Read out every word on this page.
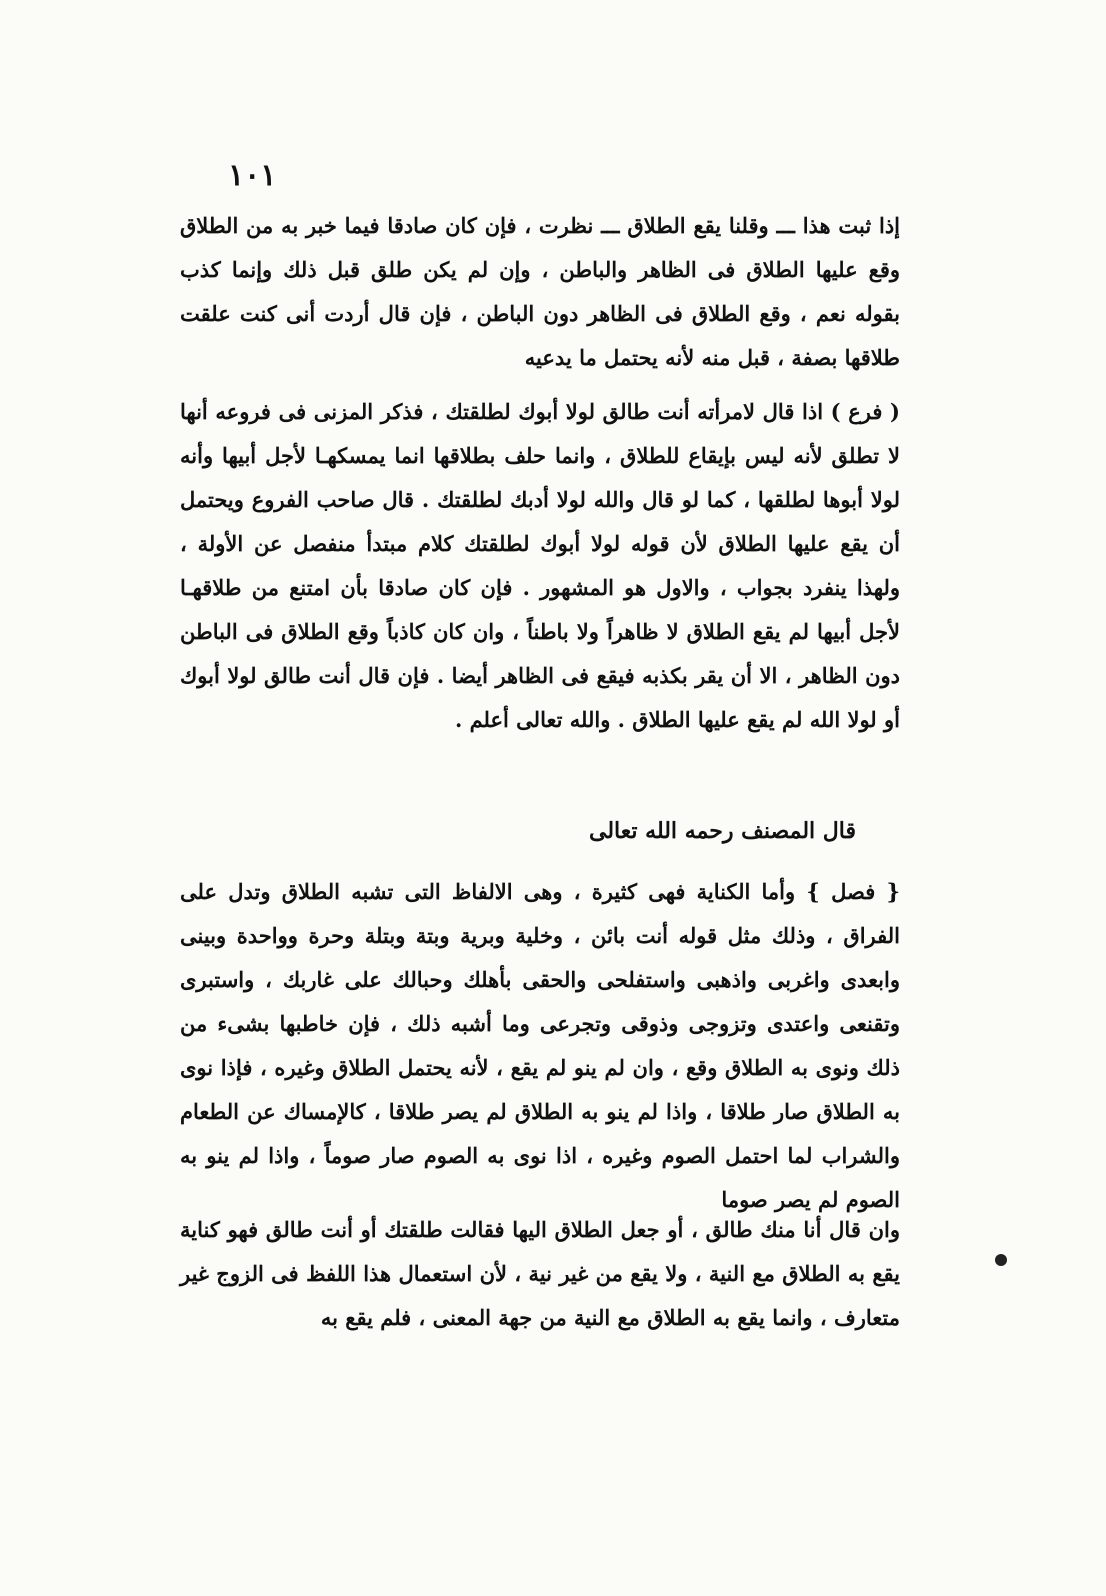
١٠١

إذا ثبت هذا ـــ وقلنا يقع الطلاق ـــ نظرت ، فإن كان صادقا فيما خبر به من الطلاق وقع عليها الطلاق فى الظاهر والباطن ، وإن لم يكن طلق قبل ذلك وإنما كذب بقوله نعم ، وقع الطلاق فى الظاهر دون الباطن ، فإن قال أردت أنى كنت علقت طلاقها بصفة ، قبل منه لأنه يحتمل ما يدعيه

( فرع ) اذا قال لامرأته أنت طالق لولا أبوك لطلقتك ، فذكر المزنى فى فروعه أنها لا تطلق لأنه ليس بإيقاع للطلاق ، وانما حلف بطلاقها انما يمسكهـا لأجل أبيها وأنه لولا أبوها لطلقها ، كما لو قال والله لولا أدبك لطلقتك . قال صاحب الفروع ويحتمل أن يقع عليها الطلاق لأن قوله لولا أبوك لطلقتك كلام مبتدأ منفصل عن الأولة ، ولهذا ينفرد بجواب ، والاول هو المشهور . فإن كان صادقا بأن امتنع من طلاقهـا لأجل أبيها لم يقع الطلاق لا ظاهراً ولا باطناً ، وان كان كاذباً وقع الطلاق فى الباطن دون الظاهر ، الا أن يقر بكذبه فيقع فى الظاهر أيضا . فإن قال أنت طالق لولا أبوك أو لولا الله لم يقع عليها الطلاق . والله تعالى أعلم .

قال المصنف رحمه الله تعالى

{ فصل } وأما الكناية فهى كثيرة ، وهى الالفاظ التى تشبه الطلاق وتدل على الفراق ، وذلك مثل قوله أنت بائن ، وخلية وبرية وبتة وبتلة وحرة وواحدة وبينى وابعدى واغربى واذهبى واستفلحى والحقى بأهلك وحبالك على غاربك ، واستبرى وتقنعى واعتدى وتزوجى وذوقى وتجرعى وما أشبه ذلك ، فإن خاطبها بشىء من ذلك ونوى به الطلاق وقع ، وان لم ينو لم يقع ، لأنه يحتمل الطلاق وغيره ، فإذا نوى به الطلاق صار طلاقا ، واذا لم ينو به الطلاق لم يصر طلاقا ، كالإمساك عن الطعام والشراب لما احتمل الصوم وغيره ، اذا نوى به الصوم صار صوماً ، واذا لم ينو به الصوم لم يصر صوما

وان قال أنا منك طالق ، أو جعل الطلاق اليها فقالت طلقتك أو أنت طالق فهو كناية يقع به الطلاق مع النية ، ولا يقع من غير نية ، لأن استعمال هذا اللفظ فى الزوج غير متعارف ، وانما يقع به الطلاق مع النية من جهة المعنى ، فلم يقع به
